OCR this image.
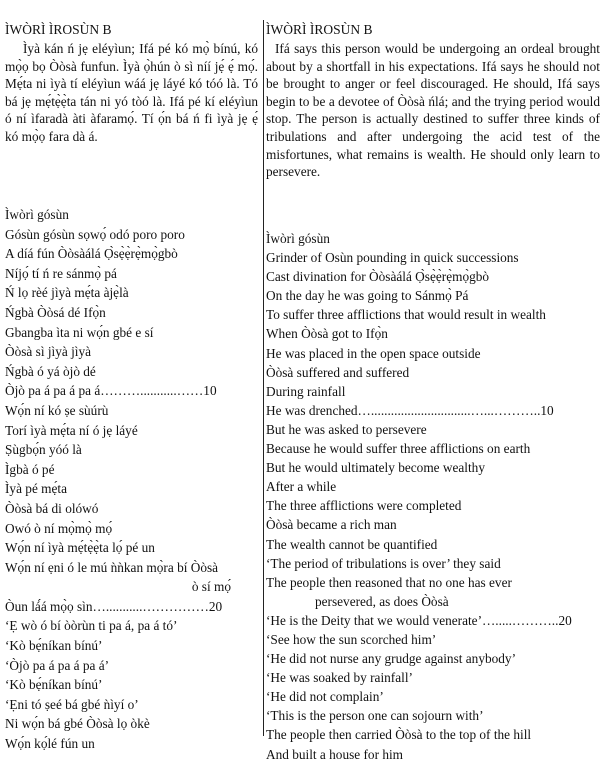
ÌWÒRÌ ÌROSÙN B

Ìyà kán ń jẹ eléyìun; Ifá pé kó mọ̀ bínú, kó mọ̀ọ bọ Òòsà funfun. Ìyà ọ̀hún ò sì níí jẹ́ ẹ́ mọ́. Mẹ́ta ni ìyà tí eléyìun wáá jẹ láyé kó tóó là. Tó bá jẹ mẹ́tẹ̀ẹ̀ta tán ni yó tòó là. Ifá pé kí eléyìun ó ní ìfaradà àti àfaramọ́. Tí ọ́n bá ń fi ìyà jẹ ẹ́ kó mọ̀ọ fara dà á.

ÌWÒRÌ ÌROSÙN B

Ifá says this person would be undergoing an ordeal brought about by a shortfall in his expectations. Ifá says he should not be brought to anger or feel discouraged. He should, Ifá says begin to be a devotee of Òòsà ńlá; and the trying period would stop. The person is actually destined to suffer three kinds of tribulations and after undergoing the acid test of the misfortunes, what remains is wealth. He should only learn to persevere.

Ìwòrì gósùn
Gósùn gósùn sọwọ́ odó poro poro
A díá fún Òòsàálá Ọ̀sẹ̀ẹ̀rẹ̀mọ̀gbò
Níjọ́ tí ń re sánmọ̀ pá
Ń lọ rèé jìyà mẹ́ta àjẹ̀là
Ńgbà Òòsá dé Ifọ̀n
Gbangba ìta ni wọ́n gbé e sí
Òòsà sì jìyà jìyà
Ńgbà ó yá òjò dé
Òjò pa á pa á pa á………...........……10
Wọ́n ní kó ṣe sùúrù
Torí ìyà mẹ́ta ní ó jẹ láyé
Ṣùgbọ́n yóó là
Ìgbà ó pé
Ìyà pé mẹ́ta
Òòsà bá di olówó
Owó ò ní mọ̀mọ̀ mọ́
Wọ́n ní ìyà mẹ́tẹ̀ẹ̀ta lọ́ pé un
Wọ́n ní ẹni ó le mú ǹǹkan mọ̀ra bí Òòsà
ò sí mọ́
Òun lá́á mọ̀ọ sìn…...........……………20
‘Ẹ wò ó bí òòrùn ti pa á, pa á tó’
‘Kò bẹ́níkan bínú’
‘Òjò pa á pa á pa á’
‘Kò bẹ́níkan bínú’
‘Ẹni tó ṣeé bá gbé ǹìyí o’
Ni wọ́n bá gbé Òòsà lọ òkè
Wọ́n kọ́lé fún un
Ìwòrì gósùn
Grinder of Osùn pounding in quick successions
Cast divination for Òòsàálá Ọ̀sẹ̀ẹ̀rẹ̀mọ̀gbò
On the day he was going to Sánmọ̀ Pá
To suffer three afflictions that would result in wealth
When Òòsà got to Ifọ̀n
He was placed in the open space outside
Òòsà suffered and suffered
During rainfall
He was drenched…..............................…...………..10
But he was asked to persevere
Because he would suffer three afflictions on earth
But he would ultimately become wealthy
After a while
The three afflictions were completed
Òòsà became a rich man
The wealth cannot be quantified
‘The period of tribulations is over’ they said
The people then reasoned that no one has ever
persevered, as does Òòsà
‘He is the Deity that we would venerate’….....………..20
‘See how the sun scorched him’
‘He did not nurse any grudge against anybody’
‘He was soaked by rainfall’
‘He did not complain’
‘This is the person one can sojourn with’
The people then carried Òòsà to the top of the hill
And built a house for him
